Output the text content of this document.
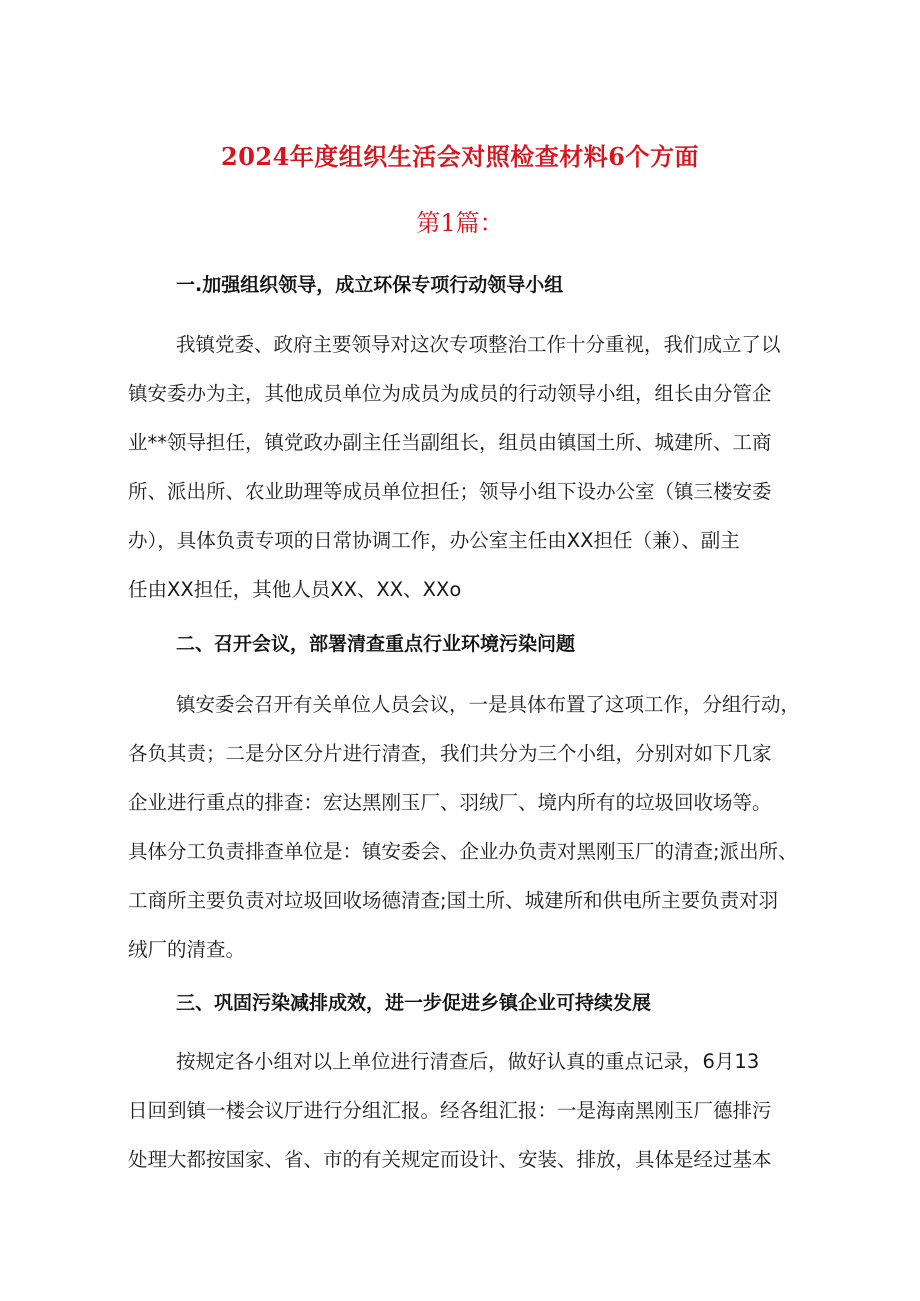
2024年度组织生活会对照检查材料6个方面
第1篇：
一.加强组织领导，成立环保专项行动领导小组
我镇党委、政府主要领导对这次专项整治工作十分重视，我们成立了以
镇安委办为主，其他成员单位为成员为成员的行动领导小组，组长由分管企
业**领导担任，镇党政办副主任当副组长，组员由镇国土所、城建所、工商
所、派出所、农业助理等成员单位担任；领导小组下设办公室（镇三楼安委
办），具体负责专项的日常协调工作，办公室主任由XX担任（兼）、副主
任由XX担任，其他人员XX、XX、XXo
二、召开会议，部署清查重点行业环境污染问题
镇安委会召开有关单位人员会议，一是具体布置了这项工作，分组行动，
各负其责；二是分区分片进行清查，我们共分为三个小组，分别对如下几家
企业进行重点的排查：宏达黑刚玉厂、羽绒厂、境内所有的垃圾回收场等。
具体分工负责排查单位是：镇安委会、企业办负责对黑刚玉厂的清查;派出所、
工商所主要负责对垃圾回收场德清查;国土所、城建所和供电所主要负责对羽
绒厂的清查。
三、巩固污染减排成效，进一步促进乡镇企业可持续发展
按规定各小组对以上单位进行清查后，做好认真的重点记录，6月13
日回到镇一楼会议厅进行分组汇报。经各组汇报：一是海南黑刚玉厂德排污
处理大都按国家、省、市的有关规定而设计、安装、排放，具体是经过基本
